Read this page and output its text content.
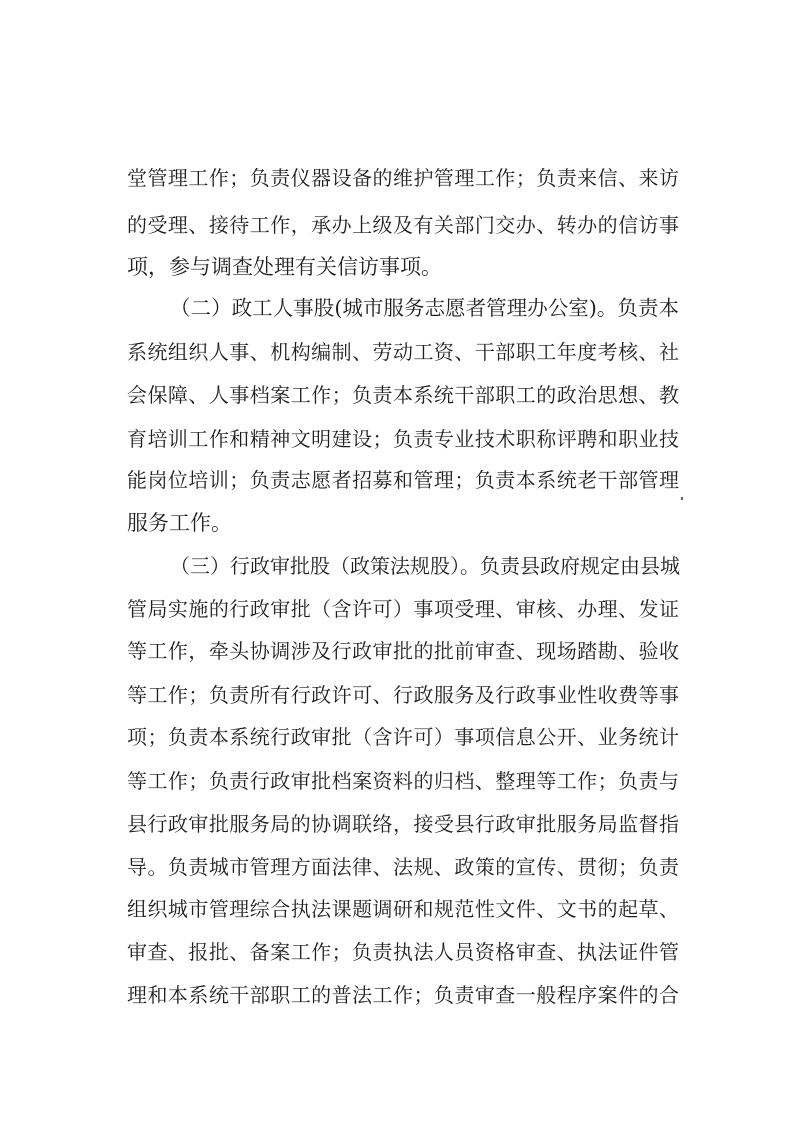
堂管理工作；负责仪器设备的维护管理工作；负责来信、来访
的受理、接待工作，承办上级及有关部门交办、转办的信访事
项，参与调查处理有关信访事项。
（二）政工人事股(城市服务志愿者管理办公室)。负责本
系统组织人事、机构编制、劳动工资、干部职工年度考核、社
会保障、人事档案工作；负责本系统干部职工的政治思想、教
育培训工作和精神文明建设；负责专业技术职称评聘和职业技
能岗位培训；负责志愿者招募和管理；负责本系统老干部管理
服务工作。
（三）行政审批股（政策法规股）。负责县政府规定由县城
管局实施的行政审批（含许可）事项受理、审核、办理、发证
等工作，牵头协调涉及行政审批的批前审查、现场踏勘、验收
等工作；负责所有行政许可、行政服务及行政事业性收费等事
项；负责本系统行政审批（含许可）事项信息公开、业务统计
等工作；负责行政审批档案资料的归档、整理等工作；负责与
县行政审批服务局的协调联络，接受县行政审批服务局监督指
导。负责城市管理方面法律、法规、政策的宣传、贯彻；负责
组织城市管理综合执法课题调研和规范性文件、文书的起草、
审查、报批、备案工作；负责执法人员资格审查、执法证件管
理和本系统干部职工的普法工作；负责审查一般程序案件的合
